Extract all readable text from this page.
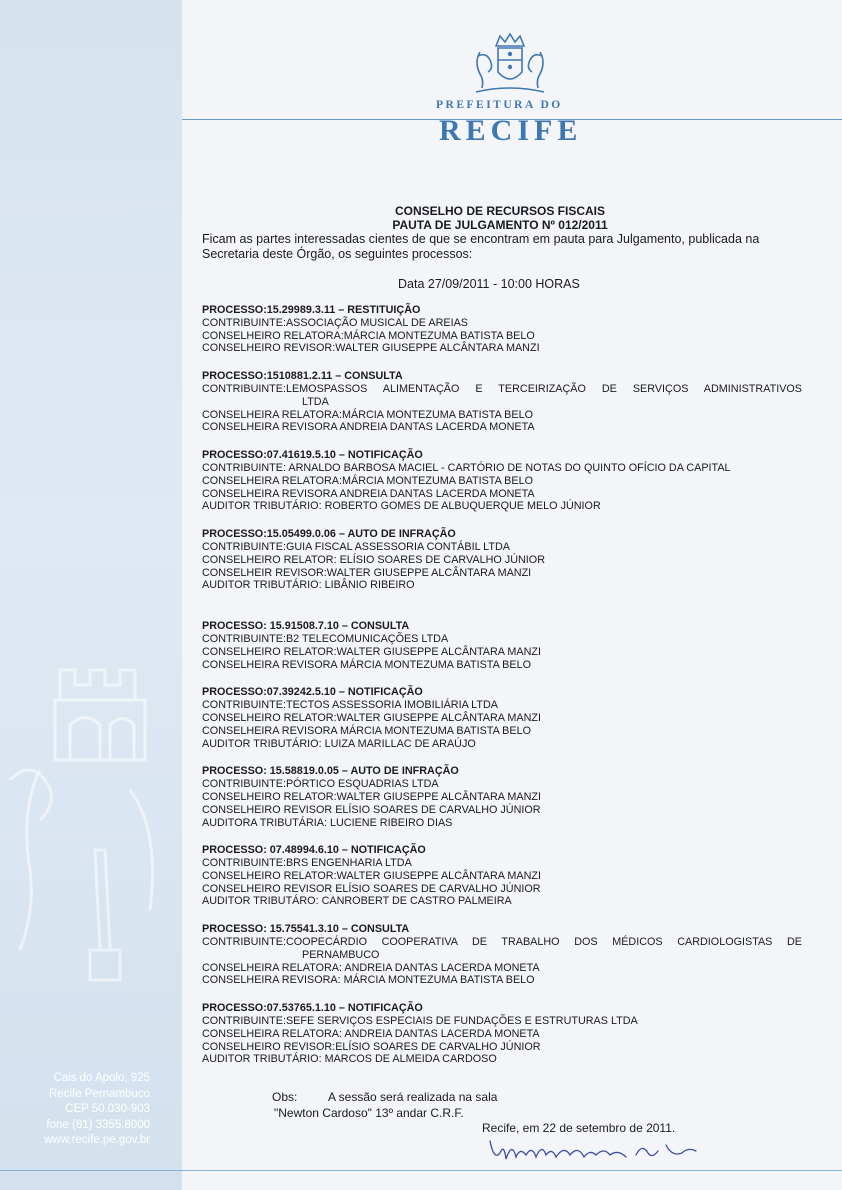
Cais do Apolo, 925
Recife Pernambuco
CEP 50.030-903
fone (81) 3355.8000
www.recife.pe.gov.br
PREFEITURA DO
RECIFE
CONSELHO DE RECURSOS FISCAIS
PAUTA DE JULGAMENTO Nº 012/2011
Ficam as partes interessadas cientes de que se encontram em pauta para Julgamento, publicada na Secretaria deste Órgão, os seguintes processos:
Data 27/09/2011 - 10:00 HORAS
PROCESSO:15.29989.3.11 – RESTITUIÇÃO
CONTRIBUINTE:ASSOCIAÇÃO MUSICAL DE AREIAS
CONSELHEIRO RELATORA:MÁRCIA MONTEZUMA BATISTA BELO
CONSELHEIRO REVISOR:WALTER GIUSEPPE ALCÂNTARA MANZI
PROCESSO:1510881.2.11 – CONSULTA
CONTRIBUINTE:LEMOSPASSOS ALIMENTAÇÃO E TERCEIRIZAÇÃO DE SERVIÇOS ADMINISTRATIVOS
LTDA
CONSELHEIRA RELATORA:MÁRCIA MONTEZUMA BATISTA BELO
CONSELHEIRA REVISORA ANDREIA DANTAS LACERDA MONETA
PROCESSO:07.41619.5.10 – NOTIFICAÇÃO
CONTRIBUINTE: ARNALDO BARBOSA MACIEL - CARTÓRIO DE NOTAS DO QUINTO OFÍCIO DA CAPITAL
CONSELHEIRA RELATORA:MÁRCIA MONTEZUMA BATISTA BELO
CONSELHEIRA REVISORA ANDREIA DANTAS LACERDA MONETA
AUDITOR TRIBUTÁRIO: ROBERTO GOMES DE ALBUQUERQUE MELO JÚNIOR
PROCESSO:15.05499.0.06 – AUTO DE INFRAÇÃO
CONTRIBUINTE:GUIA FISCAL ASSESSORIA CONTÁBIL LTDA
CONSELHEIRO RELATOR: ELÍSIO SOARES DE CARVALHO JÚNIOR
CONSELHEIR REVISOR:WALTER GIUSEPPE ALCÂNTARA MANZI
AUDITOR TRIBUTÁRIO: LIBÂNIO RIBEIRO
PROCESSO: 15.91508.7.10 – CONSULTA
CONTRIBUINTE:B2 TELECOMUNICAÇÕES LTDA
CONSELHEIRO RELATOR:WALTER GIUSEPPE ALCÂNTARA MANZI
CONSELHEIRA REVISORA MÁRCIA MONTEZUMA BATISTA BELO
PROCESSO:07.39242.5.10 – NOTIFICAÇÃO
CONTRIBUINTE:TECTOS ASSESSORIA IMOBILIÁRIA LTDA
CONSELHEIRO RELATOR:WALTER GIUSEPPE ALCÂNTARA MANZI
CONSELHEIRA REVISORA MÁRCIA MONTEZUMA BATISTA BELO
AUDITOR TRIBUTÁRIO: LUIZA MARILLAC DE ARAÚJO
PROCESSO: 15.58819.0.05 – AUTO DE INFRAÇÃO
CONTRIBUINTE:PÓRTICO ESQUADRIAS LTDA
CONSELHEIRO RELATOR:WALTER GIUSEPPE ALCÂNTARA MANZI
CONSELHEIRO REVISOR ELÍSIO SOARES DE CARVALHO JÚNIOR
AUDITORA TRIBUTÁRIA: LUCIENE RIBEIRO DIAS
PROCESSO: 07.48994.6.10 – NOTIFICAÇÃO
CONTRIBUINTE:BRS ENGENHARIA LTDA
CONSELHEIRO RELATOR:WALTER GIUSEPPE ALCÂNTARA MANZI
CONSELHEIRO REVISOR ELÍSIO SOARES DE CARVALHO JÚNIOR
AUDITOR TRIBUTÁRO: CANROBERT DE CASTRO PALMEIRA
PROCESSO: 15.75541.3.10 – CONSULTA
CONTRIBUINTE:COOPECÁRDIO COOPERATIVA DE TRABALHO DOS MÉDICOS CARDIOLOGISTAS DE
PERNAMBUCO
CONSELHEIRA RELATORA: ANDREIA DANTAS LACERDA MONETA
CONSELHEIRA REVISORA: MÁRCIA MONTEZUMA BATISTA BELO
PROCESSO:07.53765.1.10 – NOTIFICAÇÃO
CONTRIBUINTE:SEFE SERVIÇOS ESPECIAIS DE FUNDAÇÕES E ESTRUTURAS LTDA
CONSELHEIRA RELATORA: ANDREIA DANTAS LACERDA MONETA
CONSELHEIRO REVISOR:ELÍSIO SOARES DE CARVALHO JÚNIOR
AUDITOR TRIBUTÁRIO: MARCOS DE ALMEIDA CARDOSO
Obs:	A sessão será realizada na sala
"Newton Cardoso" 13º andar C.R.F.
Recife, em 22 de setembro de 2011.
